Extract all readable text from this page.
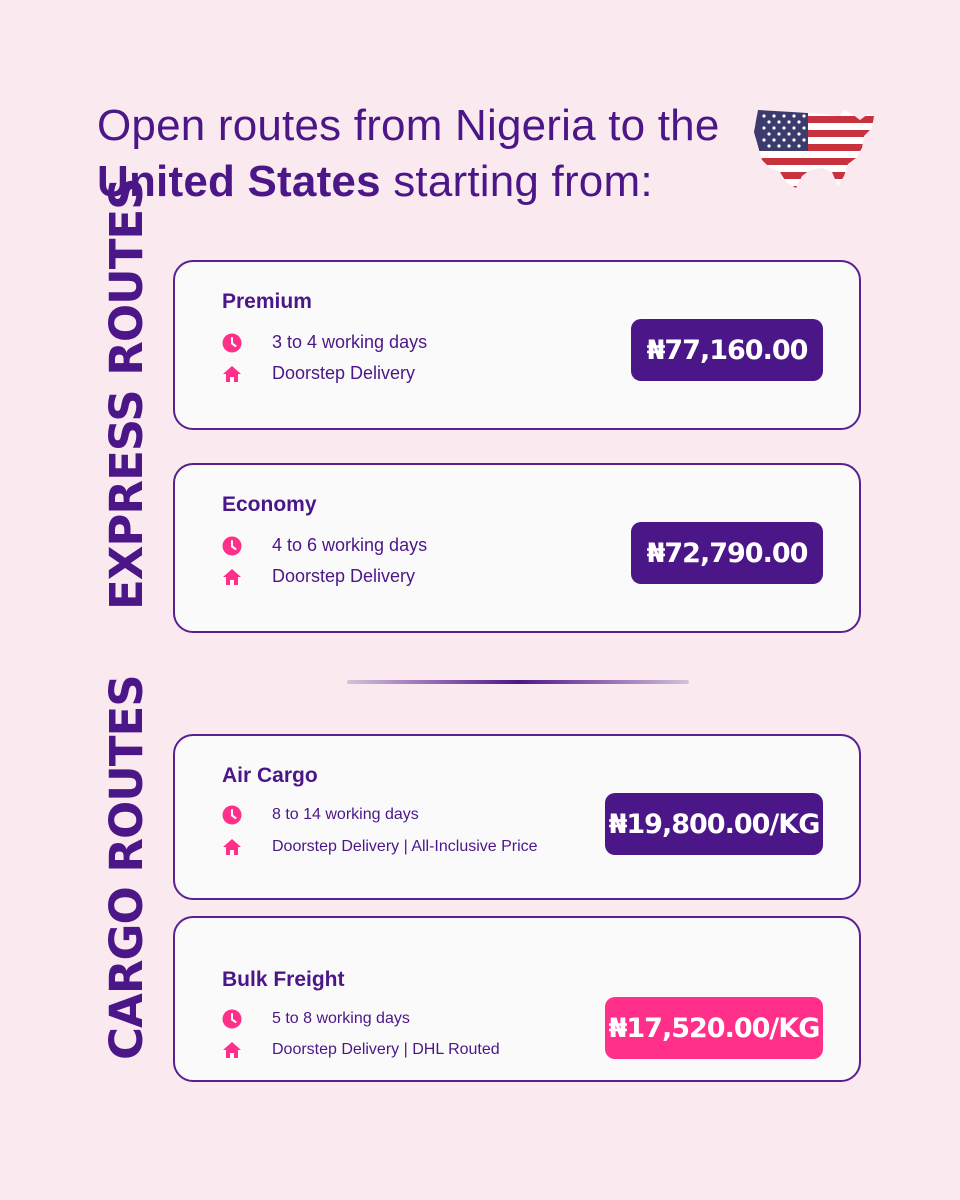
Open routes from Nigeria to the
United States starting from:
EXPRESS ROUTES
CARGO ROUTES
Premium
3 to 4 working days
Doorstep Delivery
₦77,160.00
Economy
4 to 6 working days
Doorstep Delivery
₦72,790.00
Air Cargo
8 to 14 working days
Doorstep Delivery | All-Inclusive Price
₦19,800.00/KG
Bulk Freight
5 to 8 working days
Doorstep Delivery | DHL Routed
₦17,520.00/KG
